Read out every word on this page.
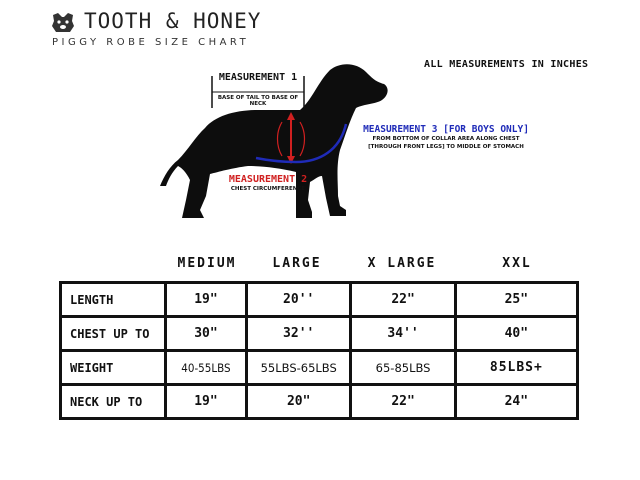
TOOTH & HONEY
PIGGY ROBE SIZE CHART
ALL MEASUREMENTS IN INCHES
MEASUREMENT 1
BASE OF TAIL TO BASE OF NECK
MEASUREMENT 3 [FOR BOYS ONLY]
FROM BOTTOM OF COLLAR AREA ALONG CHEST
[THROUGH FRONT LEGS] TO MIDDLE OF STOMACH
MEASUREMENT 2
CHEST CIRCUMFERENCE
MEDIUM	LARGE	X LARGE	XXL
LENGTH	19"	20''	22"	25"
CHEST UP TO	30"	32''	34''	40"
WEIGHT	40-55LBS	55LBS-65LBS	65-85LBS	85LBS+
NECK UP TO	19"	20"	22"	24"
